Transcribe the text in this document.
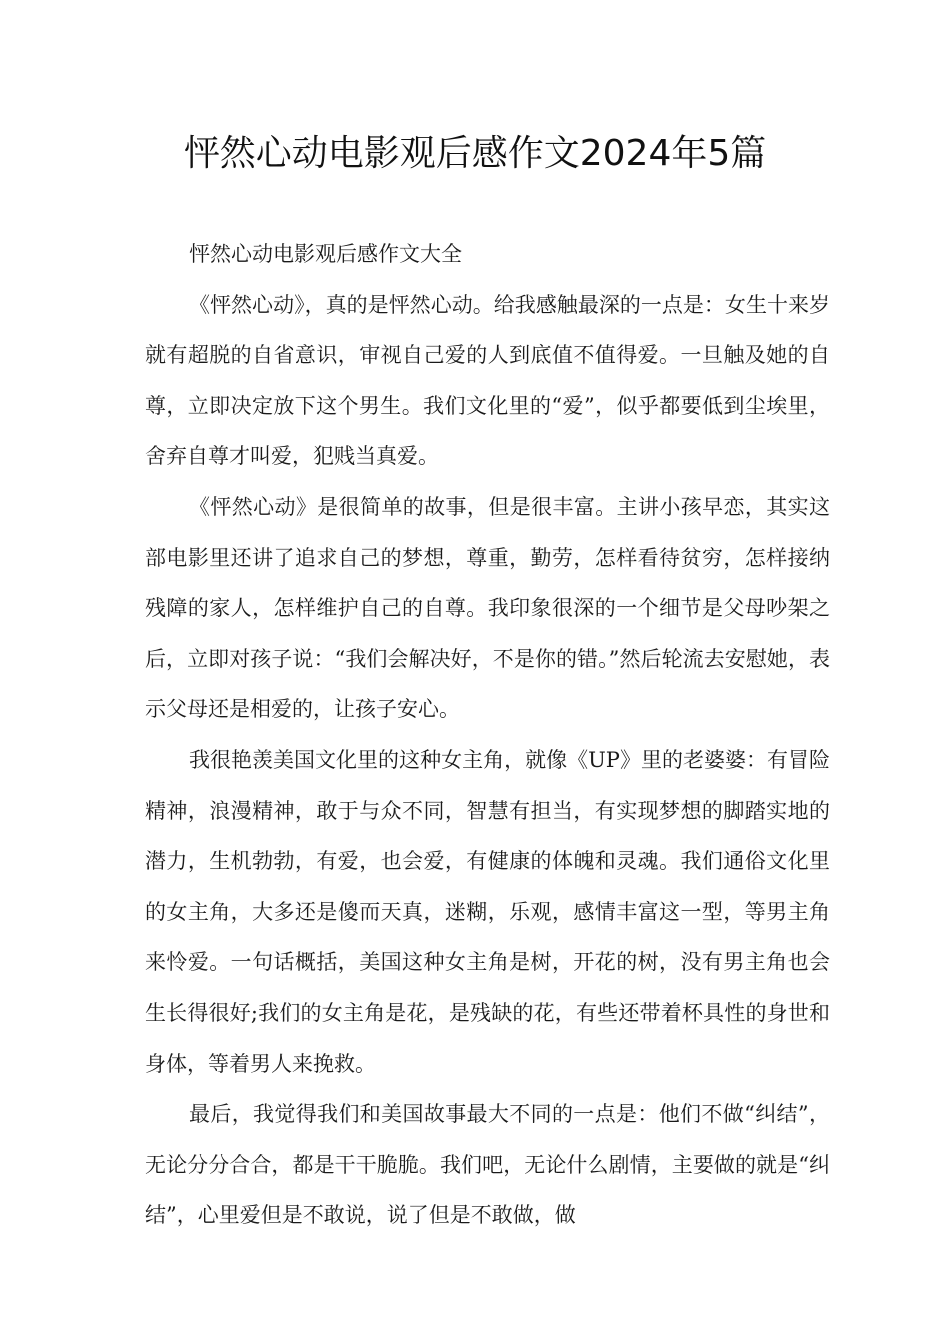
怦然心动电影观后感作文2024年5篇

怦然心动电影观后感作文大全

《怦然心动》，真的是怦然心动。给我感触最深的一点是：女生十来岁就有超脱的自省意识，审视自己爱的人到底值不值得爱。一旦触及她的自尊，立即决定放下这个男生。我们文化里的“爱”，似乎都要低到尘埃里，舍弃自尊才叫爱，犯贱当真爱。

《怦然心动》是很简单的故事，但是很丰富。主讲小孩早恋，其实这部电影里还讲了追求自己的梦想，尊重，勤劳，怎样看待贫穷，怎样接纳残障的家人，怎样维护自己的自尊。我印象很深的一个细节是父母吵架之后，立即对孩子说：“我们会解决好，不是你的错。”然后轮流去安慰她，表示父母还是相爱的，让孩子安心。

我很艳羡美国文化里的这种女主角，就像《UP》里的老婆婆：有冒险精神，浪漫精神，敢于与众不同，智慧有担当，有实现梦想的脚踏实地的潜力，生机勃勃，有爱，也会爱，有健康的体魄和灵魂。我们通俗文化里的女主角，大多还是傻而天真，迷糊，乐观，感情丰富这一型，等男主角来怜爱。一句话概括，美国这种女主角是树，开花的树，没有男主角也会生长得很好;我们的女主角是花，是残缺的花，有些还带着杯具性的身世和身体，等着男人来挽救。

最后，我觉得我们和美国故事最大不同的一点是：他们不做“纠结”，无论分分合合，都是干干脆脆。我们吧，无论什么剧情，主要做的就是“纠结”，心里爱但是不敢说，说了但是不敢做，做
